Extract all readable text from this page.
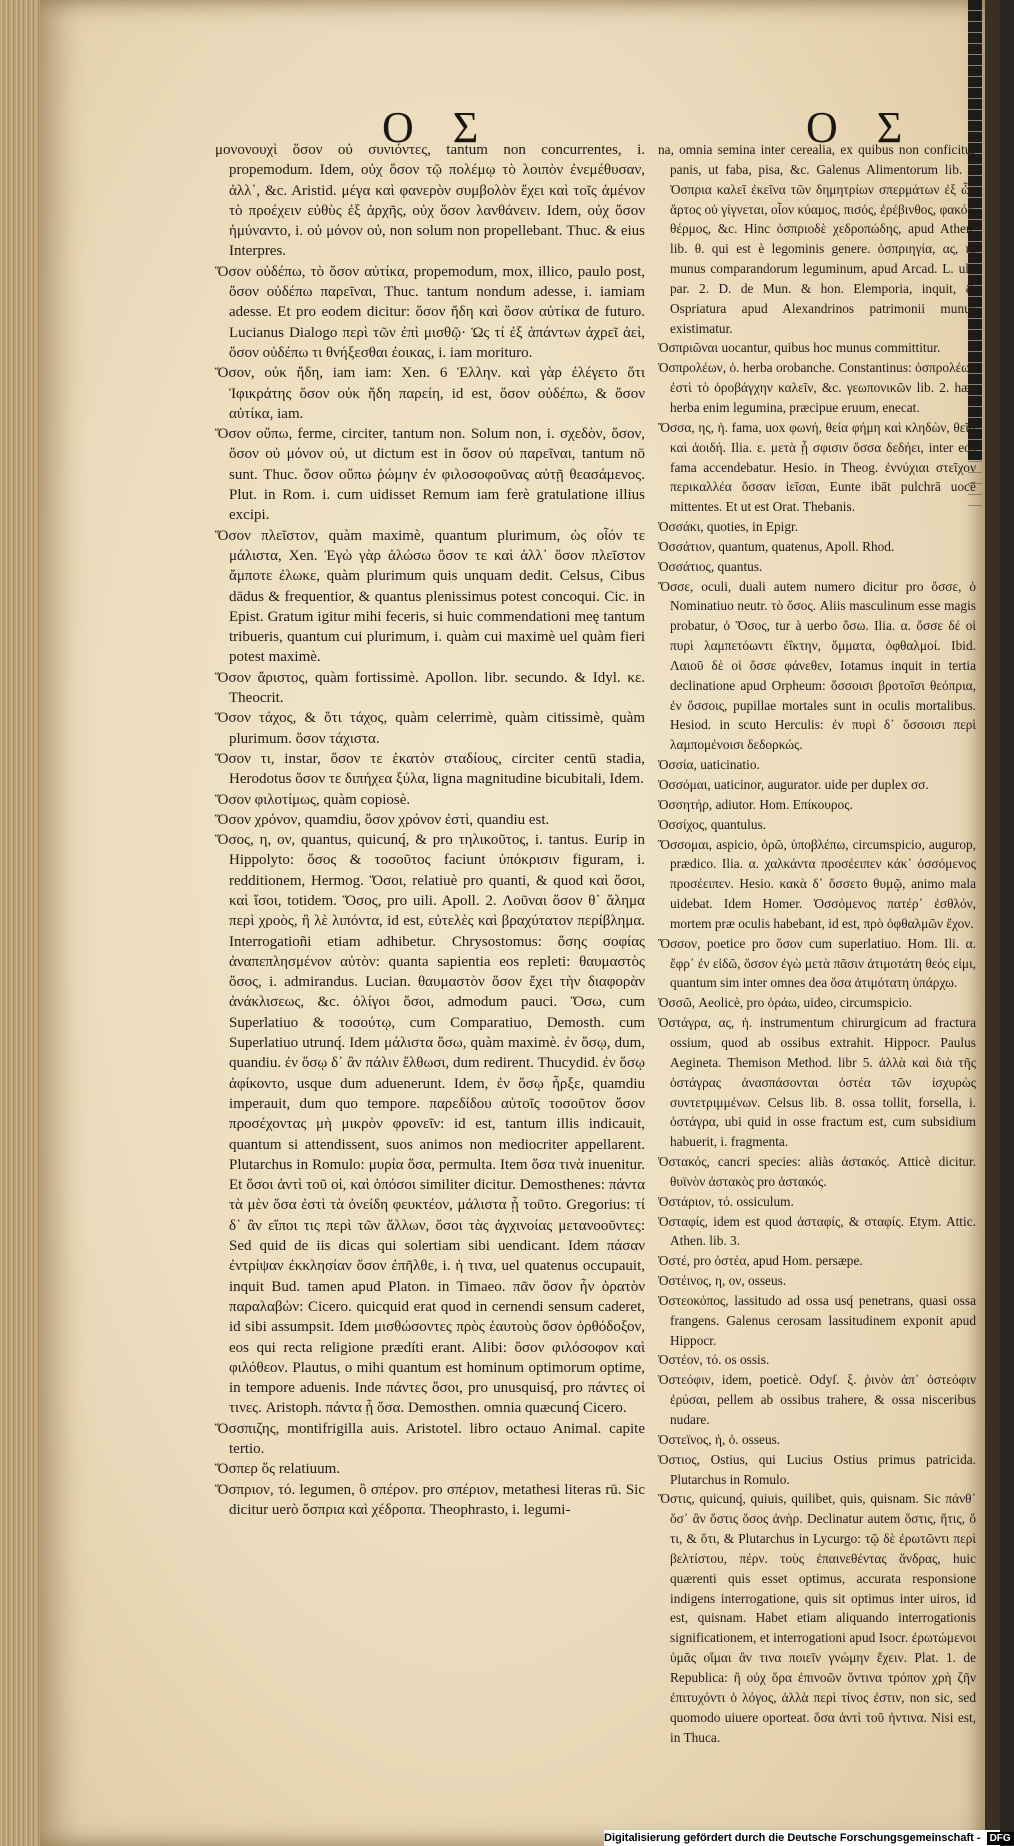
Ο Σ	Ο Σ

μονονουχὶ ὅσον οὐ συνιόντες, tantum non concurrentes, i. propemodum. Idem, οὐχ ὅσον τῷ πολέμῳ τὸ λοιπὸν ἐνεμέθυσαν, ἀλλ᾽, &c. Aristid. μέγα καὶ φανερὸν συμβολὸν ἔχει καὶ τοῖς ἀμένον τὸ προέχειν εὐθὺς ἐξ ἀρχῆς, οὐχ ὅσον λανθάνειν. Idem, οὐχ ὅσον ἡμύναντο, i. οὐ μόνον οὐ, non solum non propellebant. Thuc. & eius Interpres.

Ὅσον οὐδέπω, τὸ ὅσον αὐτίκα, propemodum, mox, illico, paulo post, ὅσον οὐδέπω παρεῖναι, Thuc. tantum nondum adesse, i. iamiam adesse. Et pro eodem dicitur: ὅσον ἤδη καὶ ὅσον αὐτίκα de futuro. Lucianus Dialogo περὶ τῶν ἐπὶ μισθῷ· Ὡς τί ἐξ ἁπάντων ἀχρεῖ ἀεὶ, ὅσον οὐδέπω τι θνήξεσθαι ἐοικας, i. iam moriturο.

Ὅσον, οὐκ ἤδη, iam iam: Xen. 6 Ἑλλην. καὶ γὰρ ἐλέγετο ὅτι Ἰφικράτης ὅσον οὐκ ἤδη παρείη, id est, ὅσον οὐδέπω, & ὅσον αὐτίκα, iam.

Ὅσον οὔπω, ferme, circiter, tantum non. Solum non, i. σχεδὸν, ὅσον, ὅσον οὐ μόνον οὐ, ut dictum est in ὅσον οὐ παρεῖναι, tantum nō sunt. Thuc. ὅσον οὔπω ῥώμην ἐν φιλοσοφοῦνας αὐτῇ θεασάμενος. Plut. in Rom. i. cum uidisset Remum iam ferè gratulatione illius excipi.

Ὅσον πλεῖστον, quàm maximè, quantum plurimum, ὡς οἷόν τε μάλιστα, Xen. Ἐγὼ γὰρ ἀλώσω ὅσον τε καὶ ἀλλ᾽ ὅσον πλεῖστον ἄμποτε ἐλωκε, quàm plurimum quis unquam dedit. Celsus, Cibus dādus & frequentior, & quantus plenissimus potest concoqui. Cic. in Epist. Gratum igitur mihi feceris, si huic commendationi meę tantum tribueris, quantum cui plurimum, i. quàm cui maximè uel quàm fieri potest maximè.

Ὅσον ἄριστος, quàm fortissimè. Apollon. libr. secundo. & Idyl. κε. Theocrit.

Ὅσον τάχος, & ὅτι τάχος, quàm celerrimè, quàm citissimè, quàm plurimum. ὅσον τάχιστα.

Ὅσον τι, instar, ὅσον τε ἑκατὸν σταδίους, circiter centū stadia, Herodotus ὅσον τε διπήχεα ξύλα, ligna magnitudine bicubitali, Idem.

Ὅσον φιλοτίμως, quàm copiosè.

Ὅσον χρόνον, quamdiu, ὅσον χρόνον ἐστὶ, quandiu est.

Ὅσος, η, ον, quantus, quicunq́, & pro τηλικοῦτος, i. tantus. Eurip in Hippolyto: ὅσος & τοσοῦτος faciunt ὑπόκρισιν figuram, i. redditionem, Hermog. Ὅσοι, relatiuè pro quanti, & quod καὶ ὅσοι, καὶ ἴσοι, totidem. Ὅσος, pro uili. Apoll. 2. Λοῦναι ὅσον θ᾽ ἄλημα περὶ χροὸς, ἣ λὲ λιπόντα, id est, εὐτελὲς καὶ βραχύτατον περίβλημα. Interrogatioñi etiam adhibetur. Chrysostomus: ὅσης σοφίας ἀναπεπλησμένον αὐτὸν: quanta sapientia eos repleti: θαυμαστὸς ὅσος, i. admirandus. Lucian. θαυμαστὸν ὅσον ἔχει τὴν διαφορὰν ἀνάκλισεως, &c. ὀλίγοι ὅσοι, admodum pauci. Ὅσω, cum Superlatiuo & τοσούτῳ, cum Comparatiuo, Demosth. cum Superlatiuo utrunq́. Idem μάλιστα ὅσω, quàm maximè. ἐν ὅσῳ, dum, quandiu. ἐν ὅσῳ δ᾽ ἂν πάλιν ἔλθωσι, dum redirent. Thucydid. ἐν ὅσῳ ἀφίκοντο, usque dum aduenerunt. Idem, ἐν ὅσῳ ἦρξε, quamdiu imperauit, dum quo tempore. παρεδίδου αὐτοῖς τοσοῦτον ὅσον προσέχοντας μὴ μικρὸν φρονεῖν: id est, tantum illis indicauit, quantum si attendissent, suos animos non mediocriter appellarent. Plutarchus in Romulo: μυρία ὅσα, permulta. Item ὅσα τινὰ inuenitur. Et ὅσοι ἀντὶ τοῦ οἱ, καὶ ὁπόσοι similiter dicitur. Demosthenes: πάντα τὰ μὲν ὅσα ἐστὶ τὰ ὀνείδη φευκτέον, μάλιστα ᾗ τοῦτο. Gregorius: τί δ᾽ ἂν εἴποι τις περὶ τῶν ἄλλων, ὅσοι τὰς ἀγχινοίας μετανοοῦντες: Sed quid de iis dicas qui solertiam sibi uendicant. Idem πάσαν ἐντρίψαν ἐκκλησίαν ὅσον ἐπῆλθε, i. ἡ τινα, uel quatenus occupauit, inquit Bud. tamen apud Platon. in Timaeo. πᾶν ὅσον ἦν ὁρατὸν παραλαβὼν: Cicero. quicquid erat quod in cernendi sensum caderet, id sibi assumpsit. Idem μισθώσοντες πρὸς ἑαυτοὺς ὅσον ὀρθόδοξον, eos qui recta religione prædíti erant. Alibi: ὅσον φιλόσοφον καὶ φιλόθεον. Plautus, o mihi quantum est hominum optimorum optime, in tempore aduenis. Inde πάντες ὅσοι, pro unusquisq́, pro πάντες οἱ τινες. Aristoph. πάντα ᾗ ὅσα. Demosthen. omnia quæcunq́ Cicero.

Ὅσσπιζης, montifrigilla auis. Aristotel. libro octauo Animal. capite tertio.

Ὅσπερ ὅς relatiuum.

Ὅσπριον, τό. legumen, ὃ σπέρον. pro σπέριον, metathesi literas rū. Sic dicitur uerò ὄσπρια καὶ χέδροπα. Theophrasto, i. legumi-

na, omnia semina inter cerealia, ex quibus non conficitur panis, ut faba, pisa, &c. Galenus Alimentorum lib. i. Ὀσπρια καλεῖ ἐκεῖνα τῶν δημητρίων σπερμάτων ἐξ ὧν ἄρτος οὐ γίγνεται, οἷον κύαμος, πισός, ἐρέβινθος, φακός, θέρμος, &c. Hinc ὀσπριοδὲ χεδροπώδης, apud Athen. lib. θ. qui est è legominis genere. ὀσπριηγία, ας, ἡ. munus comparandorum leguminum, apud Arcad. L. ult. par. 2. D. de Mun. & hon. Elemporia, inquit, & Ospriatura apud Alexandrinos patrimonii munus existimatur.

Ὀσπριῶναι uocantur, quibus hoc munus committitur.

Ὀσπρολέων, ὁ. herba orobanche. Constantinus: ὀσπρολέων ἐστὶ τὸ ὀροβάγχην καλεῖν, &c. γεωπονικῶν lib. 2. hæc herba enim legumina, præcipue eruum, enecat.

Ὄσσα, ης, ἡ. fama, uox φωνή, θεία φήμη καὶ κληδὼν, θεῖα καὶ ἀοιδή. Ilia. ε. μετὰ ᾗ σφισιν ὄσσα δεδήει, inter eos fama accendebatur. Hesio. in Theog. ἐννύχιαι στεῖχον περικαλλέα ὄσσαν ἱεῖσαι, Eunte ibāt pulchrā uocē mittentes. Et ut est Orat. Thebanis.

Ὀσσάκι, quoties, in Epigr.

Ὀσσάτιον, quantum, quatenus, Apoll. Rhod.

Ὀσσάτιος, quantus.

Ὄσσε, oculi, duali autem numero dicitur pro ὄσσε, ὁ Nominatiuo neutr. τὸ ὄσος. Aliis masculinum esse magis probatur, ὁ Ὅσος, tur à uerbo ὄσω. Ilia. α. ὄσσε δέ οἱ πυρὶ λαμπετόωντι ἐΐκτην, ὄμματα, ὀφθαλμοί. Ibid. Λαιοῦ δὲ οἱ ὄσσε φάνεθεν, Iotamus inquit in tertia declinatione apud Orpheum: ὄσσοισι βροτοῖσι θεόπρια, ἐν ὄσσοις, pupillae mortales sunt in oculis mortalibus. Hesiod. in scuto Herculis: ἐν πυρὶ δ᾽ ὄσσοισι περὶ λαμπομένοισι δεδορκώς.

Ὀσσία, uaticinatio.

Ὀσσόμαι, uaticinor, augurator. uide per duplex σσ.

Ὀσσητήρ, adiutor. Hom. Επίκουρος.

Ὀσσίχος, quantulus.

Ὄσσομαι, aspicio, ὁρῶ, ὑποβλέπω, circumspicio, augurор, prædico. Ilia. α. χαλκάντα προσέειπεν κάκ᾽ ὀσσόμενος προσέειπεν. Hesio. κακὰ δ᾽ ὄσσετο θυμῷ, animo mala uidebat. Idem Homer. Ὀσσόμενος πατέρ᾽ ἐσθλόν, mortem præ oculis habebant, id est, πρὸ ὀφθαλμῶν ἔχον.

Ὄσσον, poetice pro ὅσον cum superlatiuo. Hom. Ili. α. ἔφρ᾽ ἐν εἰδῶ, ὅσσον ἐγὼ μετὰ πᾶσιν ἀτιμοτάτη θεός εἰμι, quantum sim inter omnes dea ὅσα ἀτιμότατη ὑπάρχω.

Ὀσσῶ, Aeolicè, pro ὁράω, uideo, circumspicio.

Ὀστάγρα, ας, ἡ. instrumentum chirurgicum ad fractura ossium, quod ab ossibus extrahit. Hippocr. Paulus Aegineta. Themison Method. libr 5. ἀλλὰ καὶ διὰ τῆς ὀστάγρας ἀνασπάσονται ὀστέα τῶν ἰσχυρὼς συντετριμμένων. Celsus lib. 8. ossa tollit, forsella, i. ὀστάγρα, ubi quid in osse fractum est, cum subsidium habuerit, i. fragmenta.

Ὀστακός, cancri species: aliàs ἀστακός. Atticè dicitur. θυϊνὸν ἀστακὸς pro ἀστακός.

Ὀστάριον, τό. ossiculum.

Ὀσταφίς, idem est quod ἀσταφίς, & σταφίς. Etym. Attic. Athen. lib. 3.

Ὀστέ, pro ὀστέα, apud Hom. persæpe.

Ὀστέινος, η, ον, osseus.

Ὀστεοκόπος, lassitudo ad ossa usq́ penetrans, quasi ossa frangens. Galenus cerosam lassitudinem exponit apud Hippocr.

Ὀστέον, τό. os ossis.

Ὀστεόφιν, idem, poeticè. Odyſ. ξ. ῥινὸν ἀπ᾽ ὀστεόφιν ἐρύσαι, pellem ab ossibus trahere, & ossa nisceribus nudare.

Ὀστεϊνος, ἡ, ὁ. osseus.

Ὀστιος, Ostius, qui Lucius Ostius primus patricida. Plutarchus in Romulo.

Ὅστις, quicunq́, quiuis, quilibet, quis, quisnam. Sic πάνθ᾽ ὅσ᾽ ἂν ὅστις ὅσος ἀνὴρ. Declinatur autem ὅστις, ἥτις, ὅ τι, & ὅτι, & Plutarchus in Lycurgo: τῷ δὲ ἐρωτῶντι περὶ βελτίστου, πέρν. τοὺς ἐπαινεθέντας ἄνδρας, huic quærenti quis esset optimus, accurata responsione indigens interrogatione, quis sit optimus inter uiros, id est, quisnam. Habet etiam aliquando interrogationis significationem, et interrogationi apud Isocr. ἐρωτώμενοι ὑμᾶς οἴμαι ἂν τινα ποιεῖν γνώμην ἔχειν. Plat. 1. de Republica: ἢ οὐχ ὅρα ἐπινοῶν ὅντινα τρόπον χρὴ ζῆν ἐπιτυχόντι ὁ λόγος, ἀλλὰ περὶ τίνος ἐστιν, non sic, sed quomodo uiuere oporteat. ὅσα ἀντὶ τοῦ ἡντινα. Nisi est, in Thuca.

Digitalisierung gefördert durch die Deutsche Forschungsgemeinschaft - DFG
